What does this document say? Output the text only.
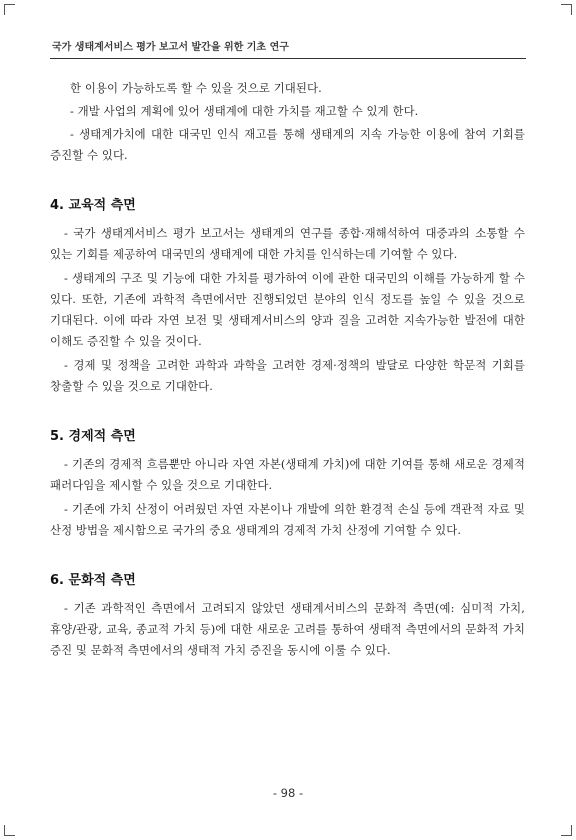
국가 생태계서비스 평가 보고서 발간을 위한 기초 연구

한 이용이 가능하도록 할 수 있을 것으로 기대된다.

- 개발 사업의 계획에 있어 생태계에 대한 가치를 재고할 수 있게 한다.

- 생태계가치에 대한 대국민 인식 재고를 통해 생태계의 지속 가능한 이용에 참여 기회를 증진할 수 있다.

4. 교육적 측면

- 국가 생태계서비스 평가 보고서는 생태계의 연구를 종합·재해석하여 대중과의 소통할 수 있는 기회를 제공하여 대국민의 생태계에 대한 가치를 인식하는데 기여할 수 있다.

- 생태계의 구조 및 기능에 대한 가치를 평가하여 이에 관한 대국민의 이해를 가능하게 할 수 있다. 또한, 기존에 과학적 측면에서만 진행되었던 분야의 인식 정도를 높일 수 있을 것으로 기대된다. 이에 따라 자연 보전 및 생태계서비스의 양과 질을 고려한 지속가능한 발전에 대한 이해도 증진할 수 있을 것이다.

- 경제 및 정책을 고려한 과학과 과학을 고려한 경제·정책의 발달로 다양한 학문적 기회를 창출할 수 있을 것으로 기대한다.

5. 경제적 측면

- 기존의 경제적 흐름뿐만 아니라 자연 자본(생태계 가치)에 대한 기여를 통해 새로운 경제적 패러다임을 제시할 수 있을 것으로 기대한다.

- 기존에 가치 산정이 어려웠던 자연 자본이나 개발에 의한 환경적 손실 등에 객관적 자료 및 산정 방법을 제시함으로 국가의 중요 생태계의 경제적 가치 산정에 기여할 수 있다.

6. 문화적 측면

- 기존 과학적인 측면에서 고려되지 않았던 생태계서비스의 문화적 측면(예: 심미적 가치, 휴양/관광, 교육, 종교적 가치 등)에 대한 새로운 고려를 통하여 생태적 측면에서의 문화적 가치 증진 및 문화적 측면에서의 생태적 가치 증진을 동시에 이룰 수 있다.

- 98 -
